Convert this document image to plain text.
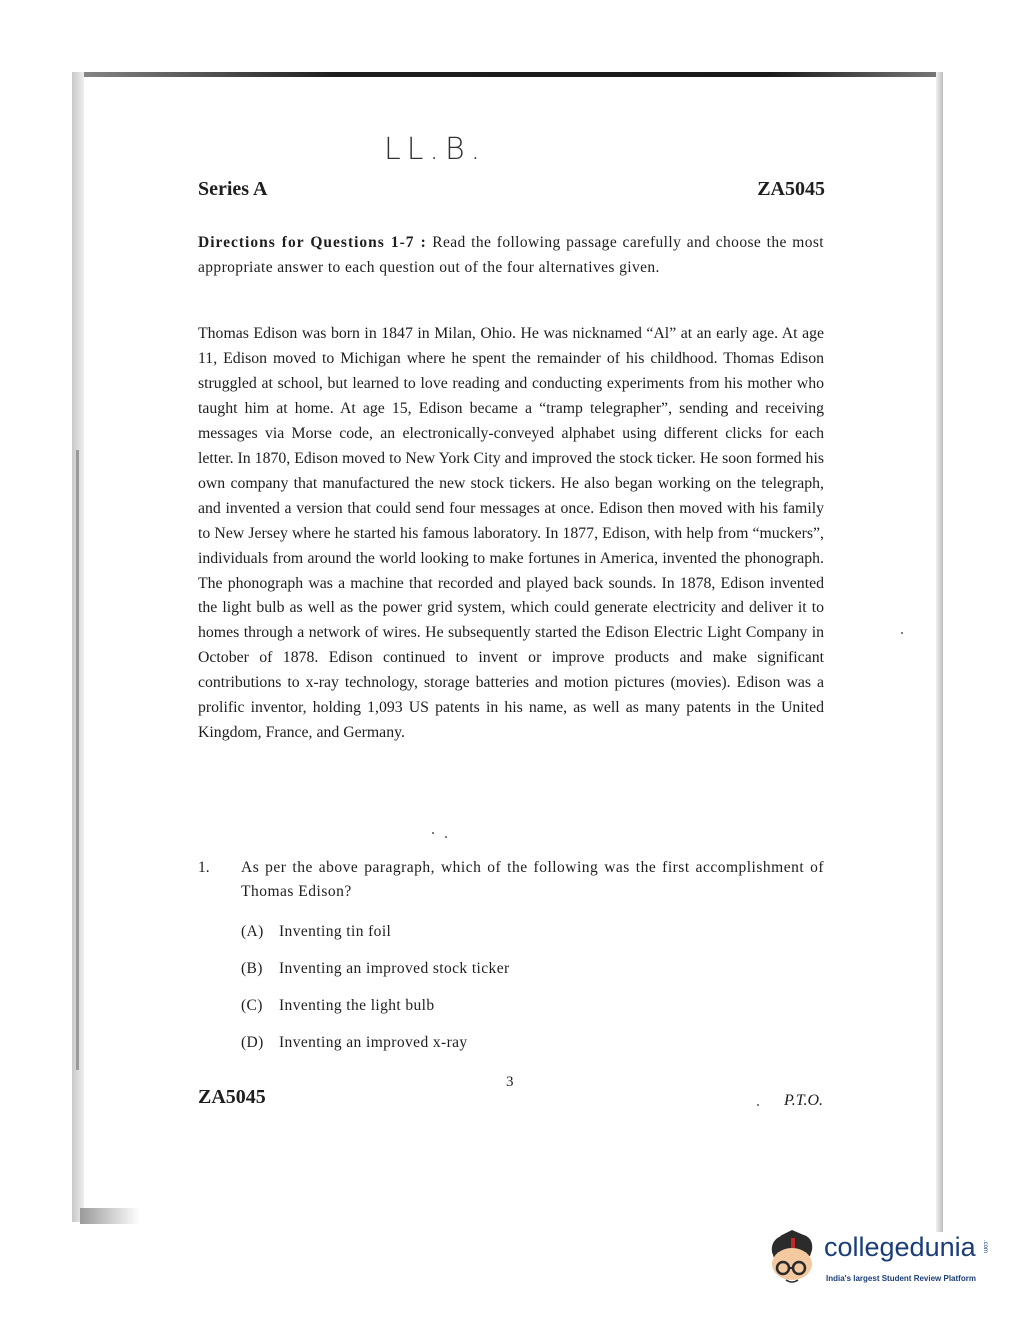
LL.B.
Series A	ZA5045
Directions for Questions 1-7 : Read the following passage carefully and choose the most appropriate answer to each question out of the four alternatives given.
Thomas Edison was born in 1847 in Milan, Ohio. He was nicknamed “Al” at an early age. At age 11, Edison moved to Michigan where he spent the remainder of his childhood. Thomas Edison struggled at school, but learned to love reading and conducting experiments from his mother who taught him at home. At age 15, Edison became a “tramp telegrapher”, sending and receiving messages via Morse code, an electronically-conveyed alphabet using different clicks for each letter. In 1870, Edison moved to New York City and improved the stock ticker. He soon formed his own company that manufactured the new stock tickers. He also began working on the telegraph, and invented a version that could send four messages at once. Edison then moved with his family to New Jersey where he started his famous laboratory. In 1877, Edison, with help from “muckers”, individuals from around the world looking to make fortunes in America, invented the phonograph. The phonograph was a machine that recorded and played back sounds. In 1878, Edison invented the light bulb as well as the power grid system, which could generate electricity and deliver it to homes through a network of wires. He subsequently started the Edison Electric Light Company in October of 1878. Edison continued to invent or improve products and make significant contributions to x-ray technology, storage batteries and motion pictures (movies). Edison was a prolific inventor, holding 1,093 US patents in his name, as well as many patents in the United Kingdom, France, and Germany.
1. As per the above paragraph, which of the following was the first accomplishment of Thomas Edison?
(A) Inventing tin foil
(B) Inventing an improved stock ticker
(C) Inventing the light bulb
(D) Inventing an improved x-ray
3
ZA5045	P.T.O.
collegedunia .com
India's largest Student Review Platform
